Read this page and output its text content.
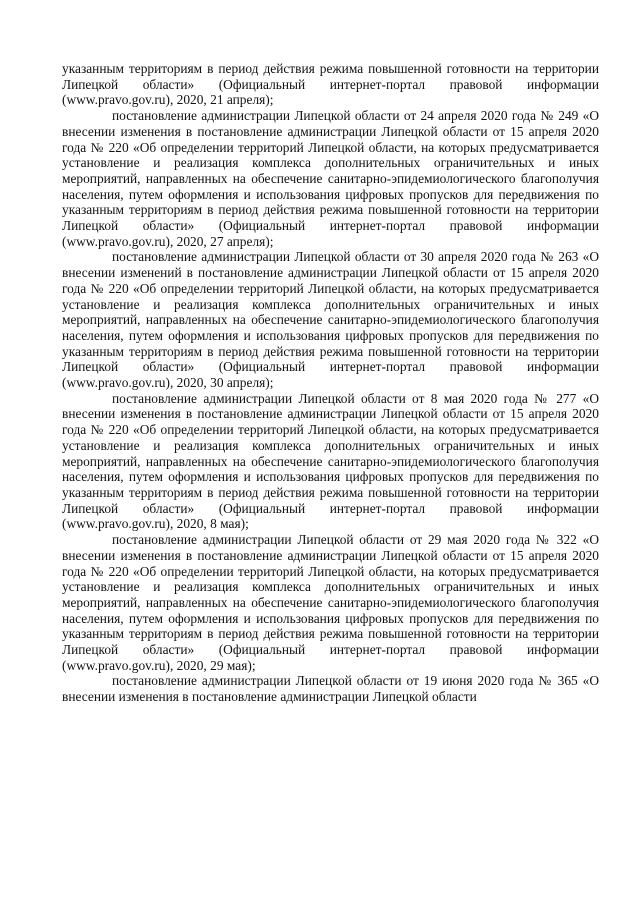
указанным территориям в период действия режима повышенной готовности на территории Липецкой области» (Официальный интернет-портал правовой информации (www.pravo.gov.ru), 2020, 21 апреля);

постановление администрации Липецкой области от 24 апреля 2020 года № 249 «О внесении изменения в постановление администрации Липецкой области от 15 апреля 2020 года № 220 «Об определении территорий Липецкой области, на которых предусматривается установление и реализация комплекса дополнительных ограничительных и иных мероприятий, направленных на обеспечение санитарно-эпидемиологического благополучия населения, путем оформления и использования цифровых пропусков для передвижения по указанным территориям в период действия режима повышенной готовности на территории Липецкой области» (Официальный интернет-портал правовой информации (www.pravo.gov.ru), 2020, 27 апреля);

постановление администрации Липецкой области от 30 апреля 2020 года № 263 «О внесении изменений в постановление администрации Липецкой области от 15 апреля 2020 года № 220 «Об определении территорий Липецкой области, на которых предусматривается установление и реализация комплекса дополнительных ограничительных и иных мероприятий, направленных на обеспечение санитарно-эпидемиологического благополучия населения, путем оформления и использования цифровых пропусков для передвижения по указанным территориям в период действия режима повышенной готовности на территории Липецкой области» (Официальный интернет-портал правовой информации (www.pravo.gov.ru), 2020, 30 апреля);

постановление администрации Липецкой области от 8 мая 2020 года № 277 «О внесении изменения в постановление администрации Липецкой области от 15 апреля 2020 года № 220 «Об определении территорий Липецкой области, на которых предусматривается установление и реализация комплекса дополнительных ограничительных и иных мероприятий, направленных на обеспечение санитарно-эпидемиологического благополучия населения, путем оформления и использования цифровых пропусков для передвижения по указанным территориям в период действия режима повышенной готовности на территории Липецкой области» (Официальный интернет-портал правовой информации (www.pravo.gov.ru), 2020, 8 мая);

постановление администрации Липецкой области от 29 мая 2020 года № 322 «О внесении изменения в постановление администрации Липецкой области от 15 апреля 2020 года № 220 «Об определении территорий Липецкой области, на которых предусматривается установление и реализация комплекса дополнительных ограничительных и иных мероприятий, направленных на обеспечение санитарно-эпидемиологического благополучия населения, путем оформления и использования цифровых пропусков для передвижения по указанным территориям в период действия режима повышенной готовности на территории Липецкой области» (Официальный интернет-портал правовой информации (www.pravo.gov.ru), 2020, 29 мая);

постановление администрации Липецкой области от 19 июня 2020 года № 365 «О внесении изменения в постановление администрации Липецкой области
